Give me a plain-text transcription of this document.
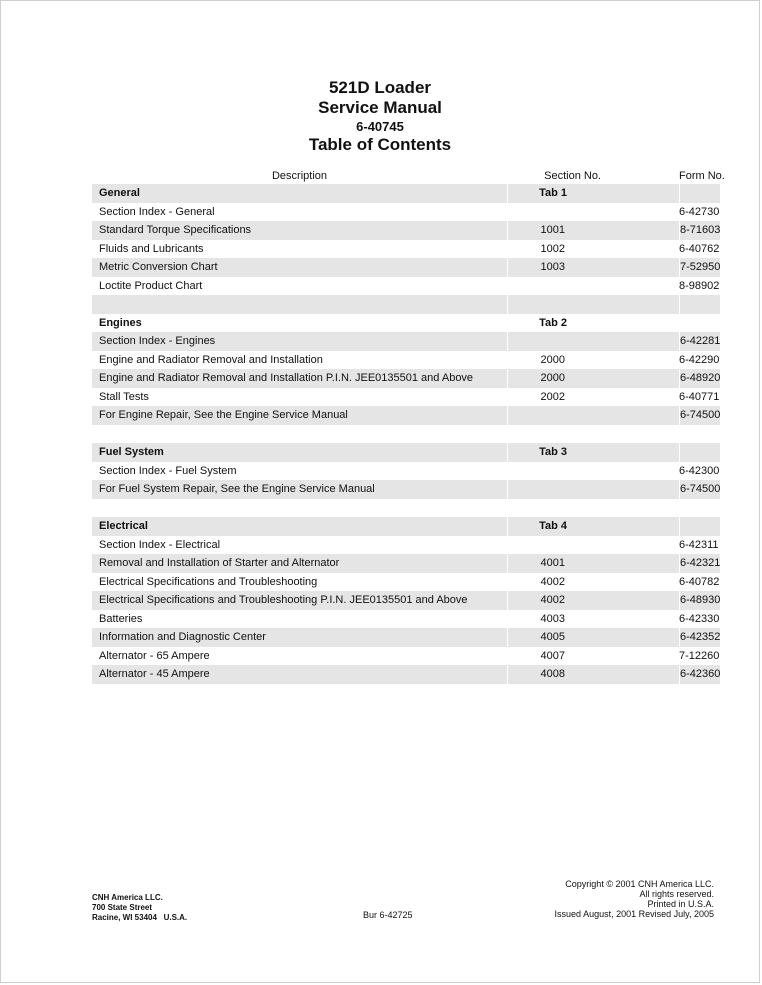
521D Loader
Service Manual
6-40745
Table of Contents
Description	Section No.	Form No.
General	Tab 1	
Section Index - General		6-42730
Standard Torque Specifications	1001	8-71603
Fluids and Lubricants	1002	6-40762
Metric Conversion Chart	1003	7-52950
Loctite Product Chart		8-98902

Engines	Tab 2	
Section Index - Engines		6-42281
Engine and Radiator Removal and Installation	2000	6-42290
Engine and Radiator Removal and Installation P.I.N. JEE0135501 and Above	2000	6-48920
Stall Tests	2002	6-40771
For Engine Repair, See the Engine Service Manual		6-74500

Fuel System	Tab 3	
Section Index - Fuel System		6-42300
For Fuel System Repair, See the Engine Service Manual		6-74500

Electrical	Tab 4	
Section Index - Electrical		6-42311
Removal and Installation of Starter and Alternator	4001	6-42321
Electrical Specifications and Troubleshooting	4002	6-40782
Electrical Specifications and Troubleshooting P.I.N. JEE0135501 and Above	4002	6-48930
Batteries	4003	6-42330
Information and Diagnostic Center	4005	6-42352
Alternator - 65 Ampere	4007	7-12260
Alternator - 45 Ampere	4008	6-42360
CNH America LLC.
700 State Street
Racine, WI 53404   U.S.A.	Bur 6-42725
Copyright © 2001 CNH America LLC.
All rights reserved.
Printed in U.S.A.
Issued August, 2001 Revised July, 2005
